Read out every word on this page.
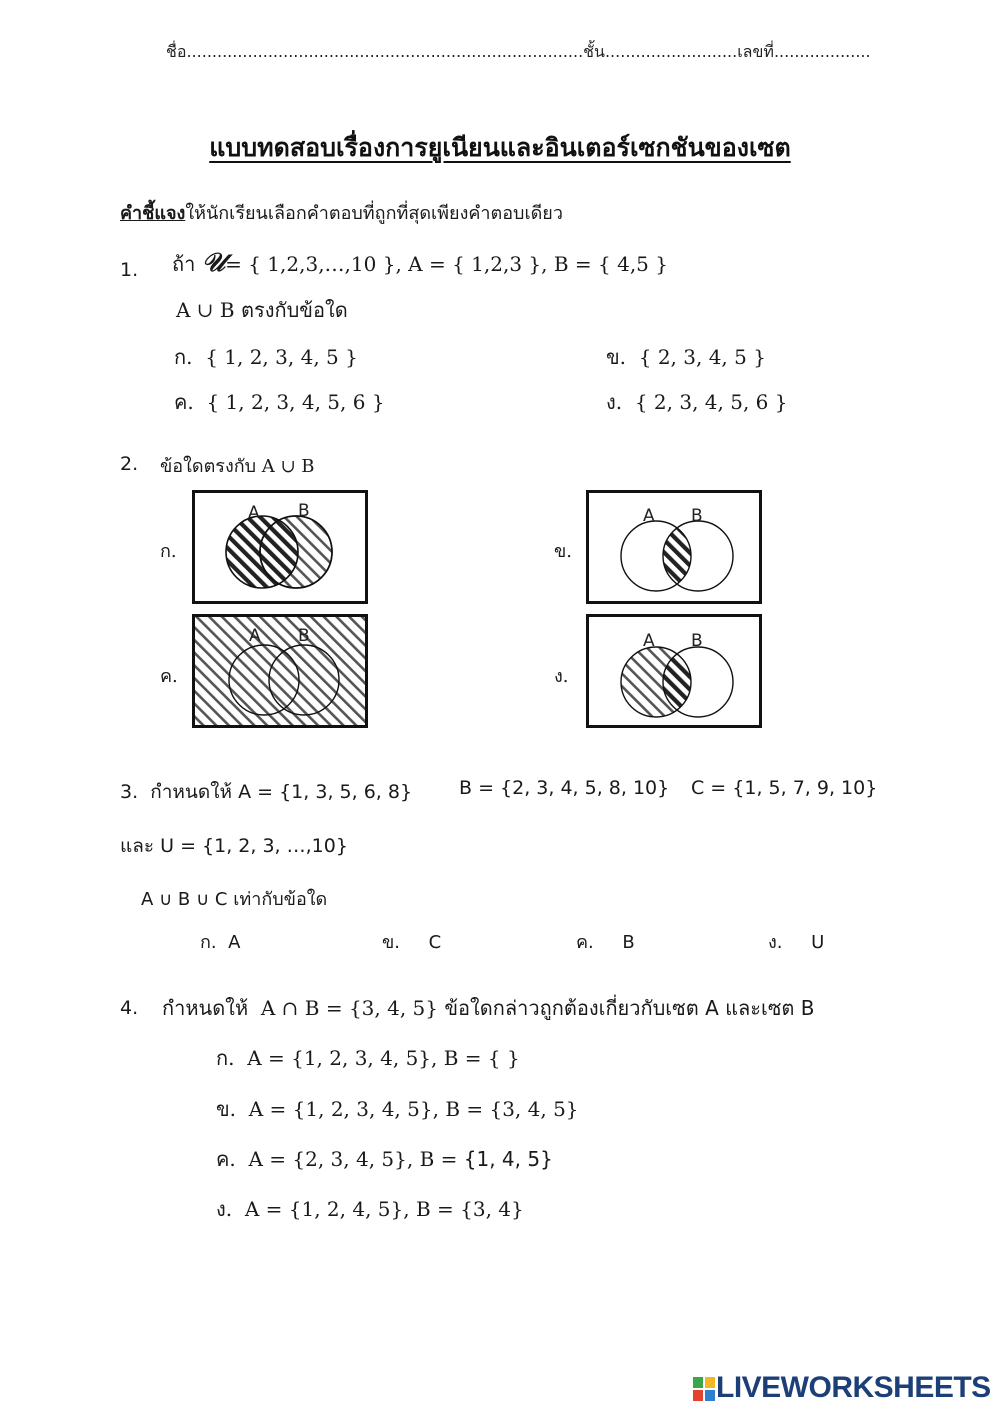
ชื่อ..............................................................................ชั้น..........................เลขที่...................
แบบทดสอบเรื่องการยูเนียนและอินเตอร์เซกชันของเซต
คำชี้แจงให้นักเรียนเลือกคำตอบที่ถูกที่สุดเพียงคำตอบเดียว
1. ถ้า 𝒰= { 1,2,3,…,10 }, A = { 1,2,3 }, B = { 4,5 }
A ∪ B ตรงกับข้อใด
ก. { 1, 2, 3, 4, 5 }	ข. { 2, 3, 4, 5 }
ค. { 1, 2, 3, 4, 5, 6 }	ง. { 2, 3, 4, 5, 6 }
2. ข้อใดตรงกับ A ∪ B
ก.	ข.
ค.	ง.
A B	A B
A B	A B
3. กำหนดให้ A = {1, 3, 5, 6, 8} B = {2, 3, 4, 5, 8, 10} C = {1, 5, 7, 9, 10}
และ U = {1, 2, 3, …,10}
A ∪ B ∪ C เท่ากับข้อใด
ก. A	ข. C	ค. B	ง. U
4. กำหนดให้ A ∩ B = {3, 4, 5} ข้อใดกล่าวถูกต้องเกี่ยวกับเซต A และเซต B
ก. A = {1, 2, 3, 4, 5}, B = { }
ข. A = {1, 2, 3, 4, 5}, B = {3, 4, 5}
ค. A = {2, 3, 4, 5}, B = {1, 4, 5}
ง. A = {1, 2, 4, 5}, B = {3, 4}
LIVEWORKSHEETS
